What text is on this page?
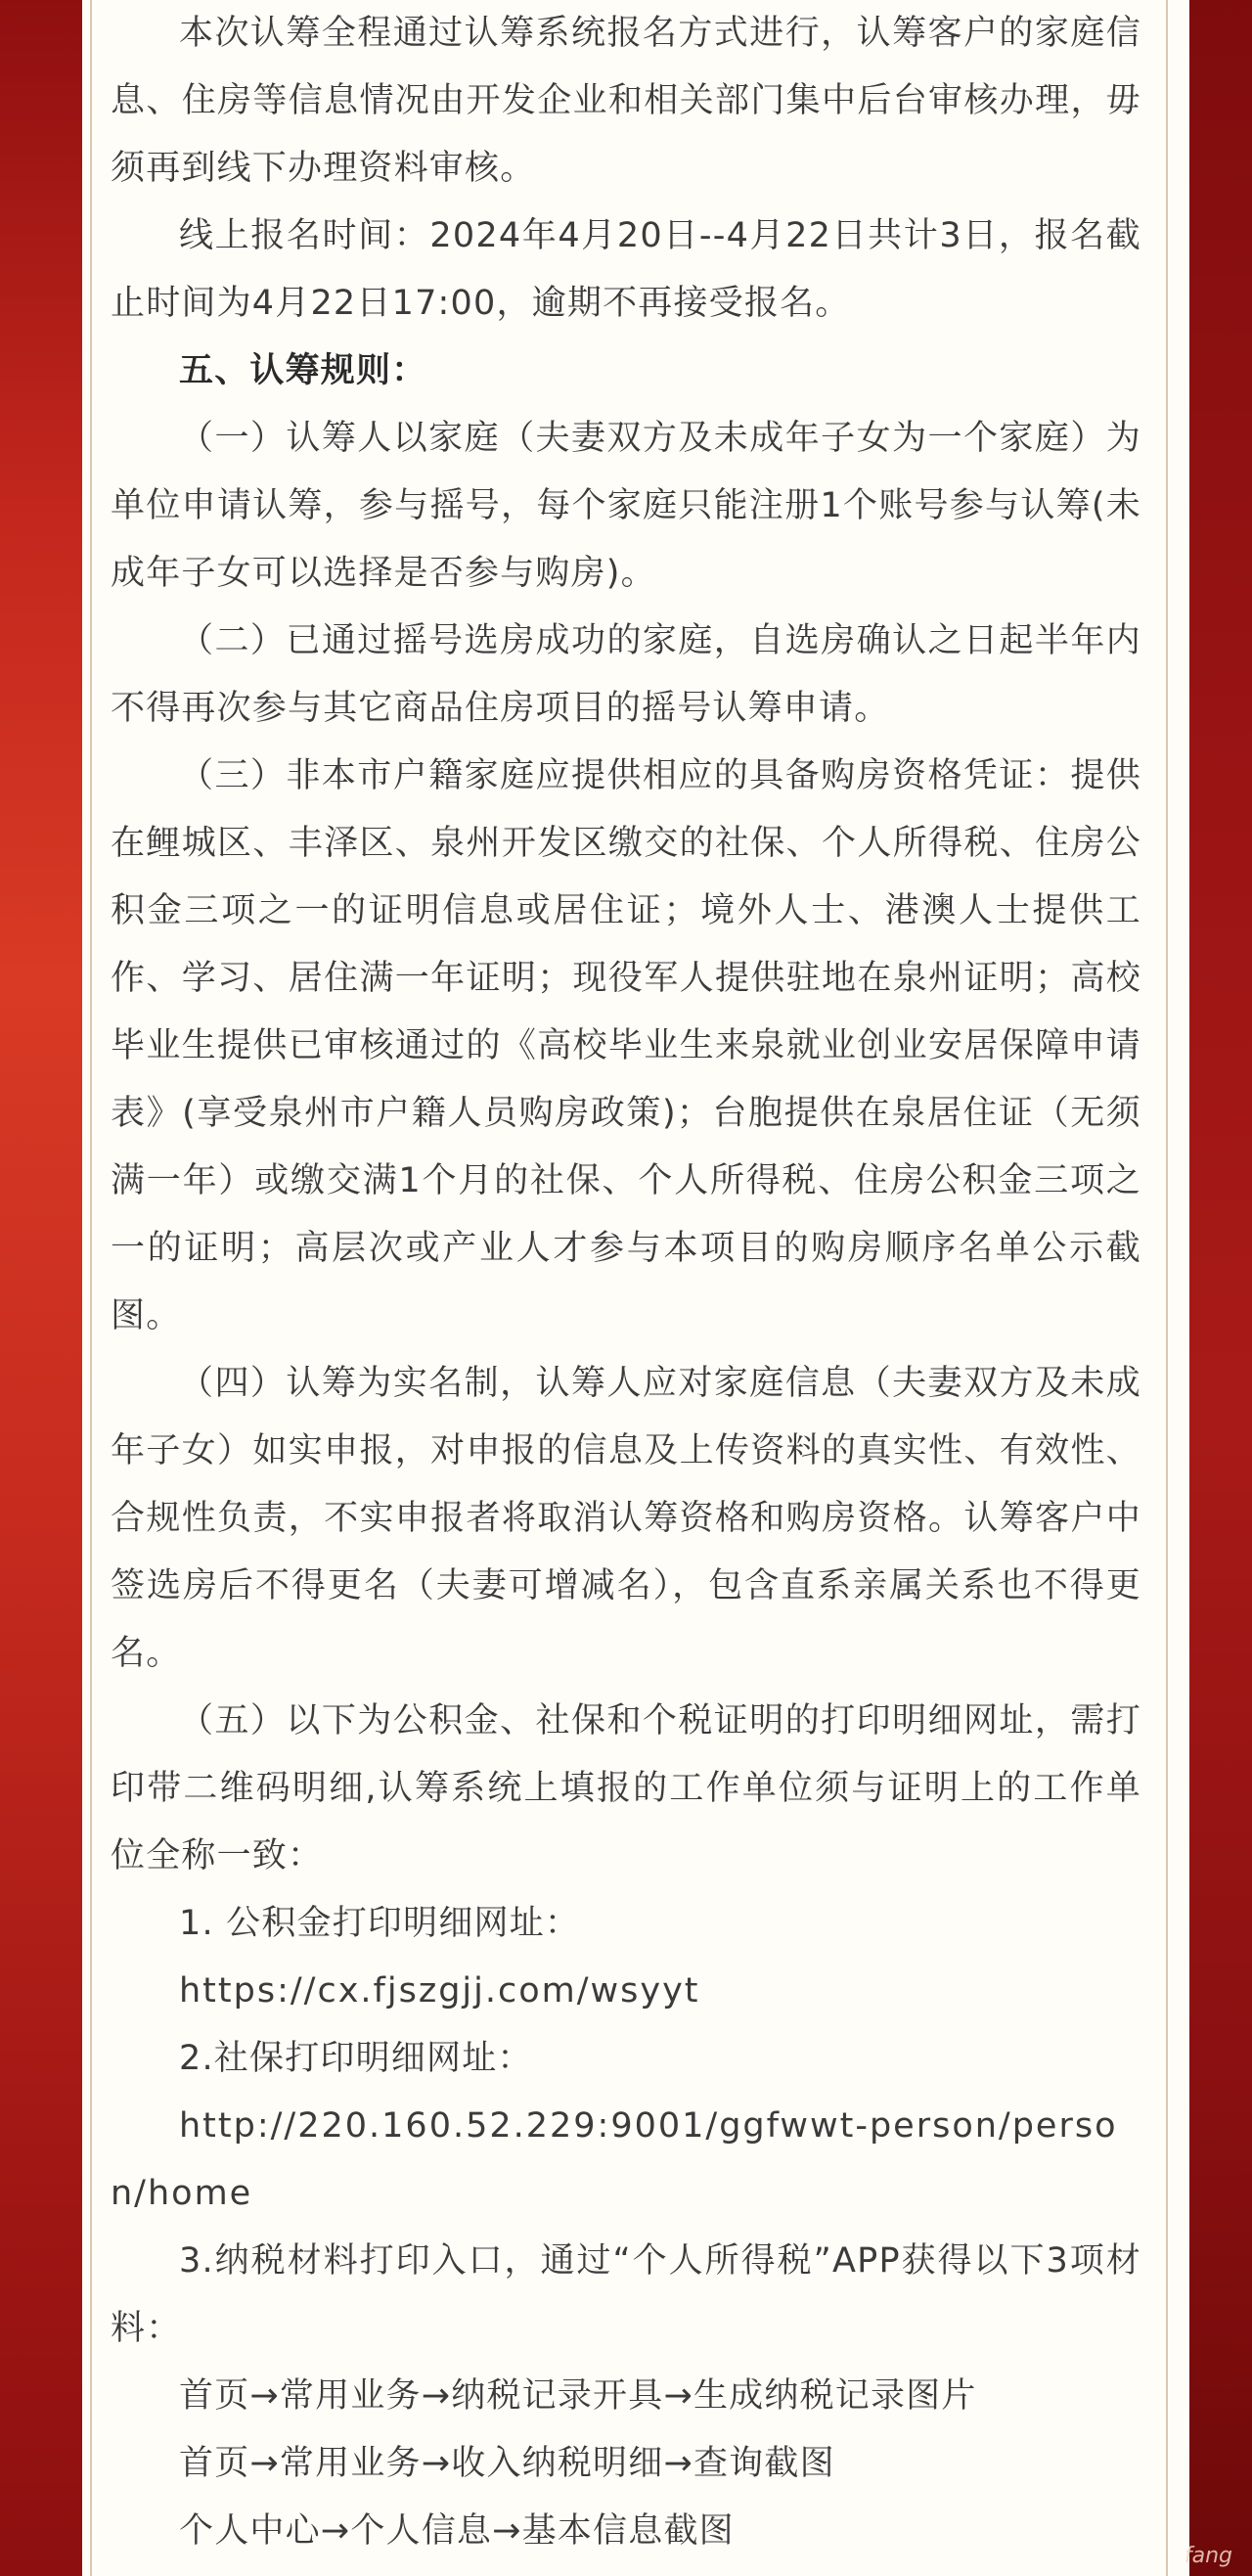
本次认筹全程通过认筹系统报名方式进行，认筹客户的家庭信息、住房等信息情况由开发企业和相关部门集中后台审核办理，毋须再到线下办理资料审核。

线上报名时间：2024年4月20日--4月22日共计3日，报名截止时间为4月22日17:00，逾期不再接受报名。

五、认筹规则：

（一）认筹人以家庭（夫妻双方及未成年子女为一个家庭）为单位申请认筹，参与摇号，每个家庭只能注册1个账号参与认筹(未成年子女可以选择是否参与购房)。

（二）已通过摇号选房成功的家庭，自选房确认之日起半年内不得再次参与其它商品住房项目的摇号认筹申请。

（三）非本市户籍家庭应提供相应的具备购房资格凭证：提供在鲤城区、丰泽区、泉州开发区缴交的社保、个人所得税、住房公积金三项之一的证明信息或居住证；境外人士、港澳人士提供工作、学习、居住满一年证明；现役军人提供驻地在泉州证明；高校毕业生提供已审核通过的《高校毕业生来泉就业创业安居保障申请表》(享受泉州市户籍人员购房政策)；台胞提供在泉居住证（无须满一年）或缴交满1个月的社保、个人所得税、住房公积金三项之一的证明；高层次或产业人才参与本项目的购房顺序名单公示截图。

（四）认筹为实名制，认筹人应对家庭信息（夫妻双方及未成年子女）如实申报，对申报的信息及上传资料的真实性、有效性、合规性负责，不实申报者将取消认筹资格和购房资格。认筹客户中签选房后不得更名（夫妻可增减名），包含直系亲属关系也不得更名。

（五）以下为公积金、社保和个税证明的打印明细网址，需打印带二维码明细,认筹系统上填报的工作单位须与证明上的工作单位全称一致：

1. 公积金打印明细网址：

https://cx.fjszgjj.com/wsyyt

2.社保打印明细网址：

http://220.160.52.229:9001/ggfwwt-person/person/home

3.纳税材料打印入口，通过“个人所得税”APP获得以下3项材料：

首页→常用业务→纳税记录开具→生成纳税记录图片

首页→常用业务→收入纳税明细→查询截图

个人中心→个人信息→基本信息截图

fang
